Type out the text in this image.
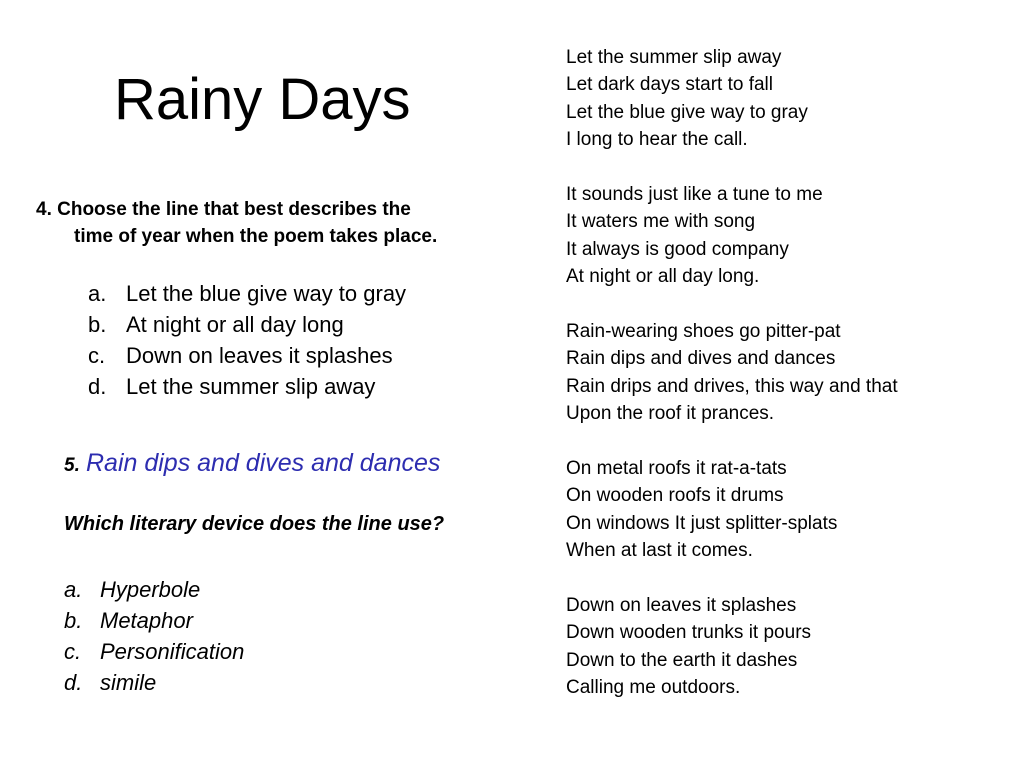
Rainy Days
4. Choose the line that best describes the
time of year when the poem takes place.
a. Let the blue give way to gray
b. At night or all day long
c. Down on leaves it splashes
d. Let the summer slip away
5. Rain dips and dives and dances
Which literary device does the line use?
a. Hyperbole
b. Metaphor
c. Personification
d. simile
Let the summer slip away
Let dark days start to fall
Let the blue give way to gray
I long to hear the call.
It sounds just like a tune to me
It waters me with song
It always is good company
At night or all day long.
Rain-wearing shoes go pitter-pat
Rain dips and dives and dances
Rain drips and drives, this way and that
Upon the roof it prances.
On metal roofs it rat-a-tats
On wooden roofs it drums
On windows It just splitter-splats
When at last it comes.
Down on leaves it splashes
Down wooden trunks it pours
Down to the earth it dashes
Calling me outdoors.
